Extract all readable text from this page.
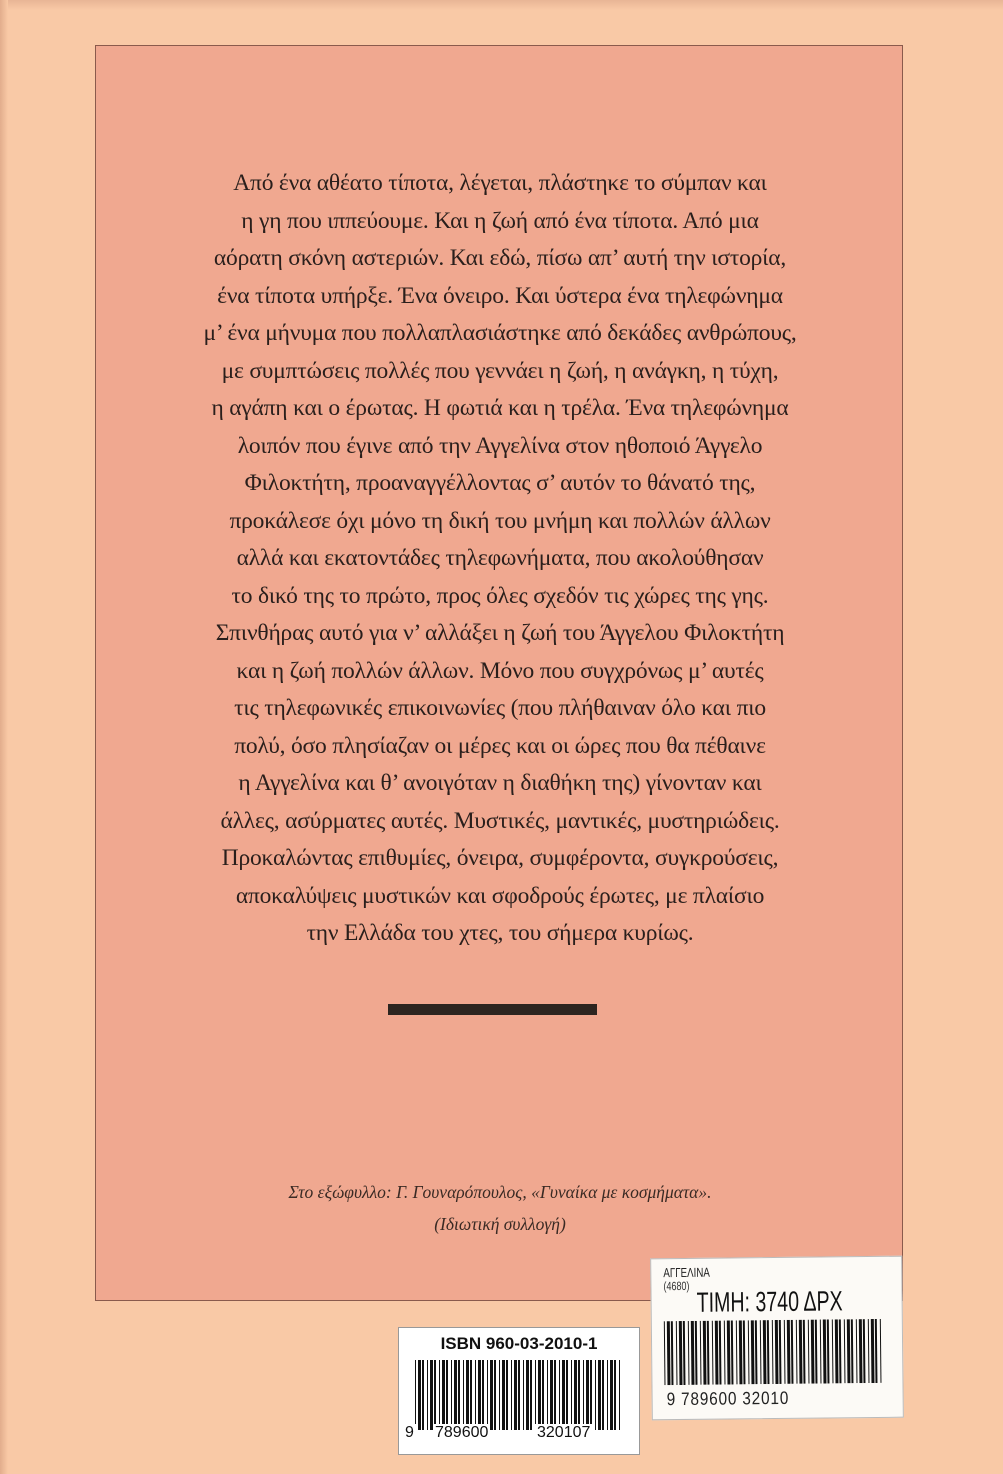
Από ένα αθέατο τίποτα, λέγεται, πλάστηκε το σύμπαν και
η γη που ιππεύουμε. Και η ζωή από ένα τίποτα. Από μια
αόρατη σκόνη αστεριών. Και εδώ, πίσω απ’ αυτή την ιστορία,
ένα τίποτα υπήρξε. Ένα όνειρο. Και ύστερα ένα τηλεφώνημα
μ’ ένα μήνυμα που πολλαπλασιάστηκε από δεκάδες ανθρώπους,
με συμπτώσεις πολλές που γεννάει η ζωή, η ανάγκη, η τύχη,
η αγάπη και ο έρωτας. Η φωτιά και η τρέλα. Ένα τηλεφώνημα
λοιπόν που έγινε από την Αγγελίνα στον ηθοποιό Άγγελο
Φιλοκτήτη, προαναγγέλλοντας σ’ αυτόν το θάνατό της,
προκάλεσε όχι μόνο τη δική του μνήμη και πολλών άλλων
αλλά και εκατοντάδες τηλεφωνήματα, που ακολούθησαν
το δικό της το πρώτο, προς όλες σχεδόν τις χώρες της γης.
Σπινθήρας αυτό για ν’ αλλάξει η ζωή του Άγγελου Φιλοκτήτη
και η ζωή πολλών άλλων. Μόνο που συγχρόνως μ’ αυτές
τις τηλεφωνικές επικοινωνίες (που πλήθαιναν όλο και πιο
πολύ, όσο πλησίαζαν οι μέρες και οι ώρες που θα πέθαινε
η Αγγελίνα και θ’ ανοιγόταν η διαθήκη της) γίνονταν και
άλλες, ασύρματες αυτές. Μυστικές, μαντικές, μυστηριώδεις.
Προκαλώντας επιθυμίες, όνειρα, συμφέροντα, συγκρούσεις,
αποκαλύψεις μυστικών και σφοδρούς έρωτες, με πλαίσιο
την Ελλάδα του χτες, του σήμερα κυρίως.
Στο εξώφυλλο: Γ. Γουναρόπουλος, «Γυναίκα με κοσμήματα».
(Ιδιωτική συλλογή)
ISBN 960-03-2010-1
9 789600	320107
ΑΓΓΕΛΙΝΑ
(4680) ΤΙΜΗ: 3740 ΔΡΧ
9 789600 32010
